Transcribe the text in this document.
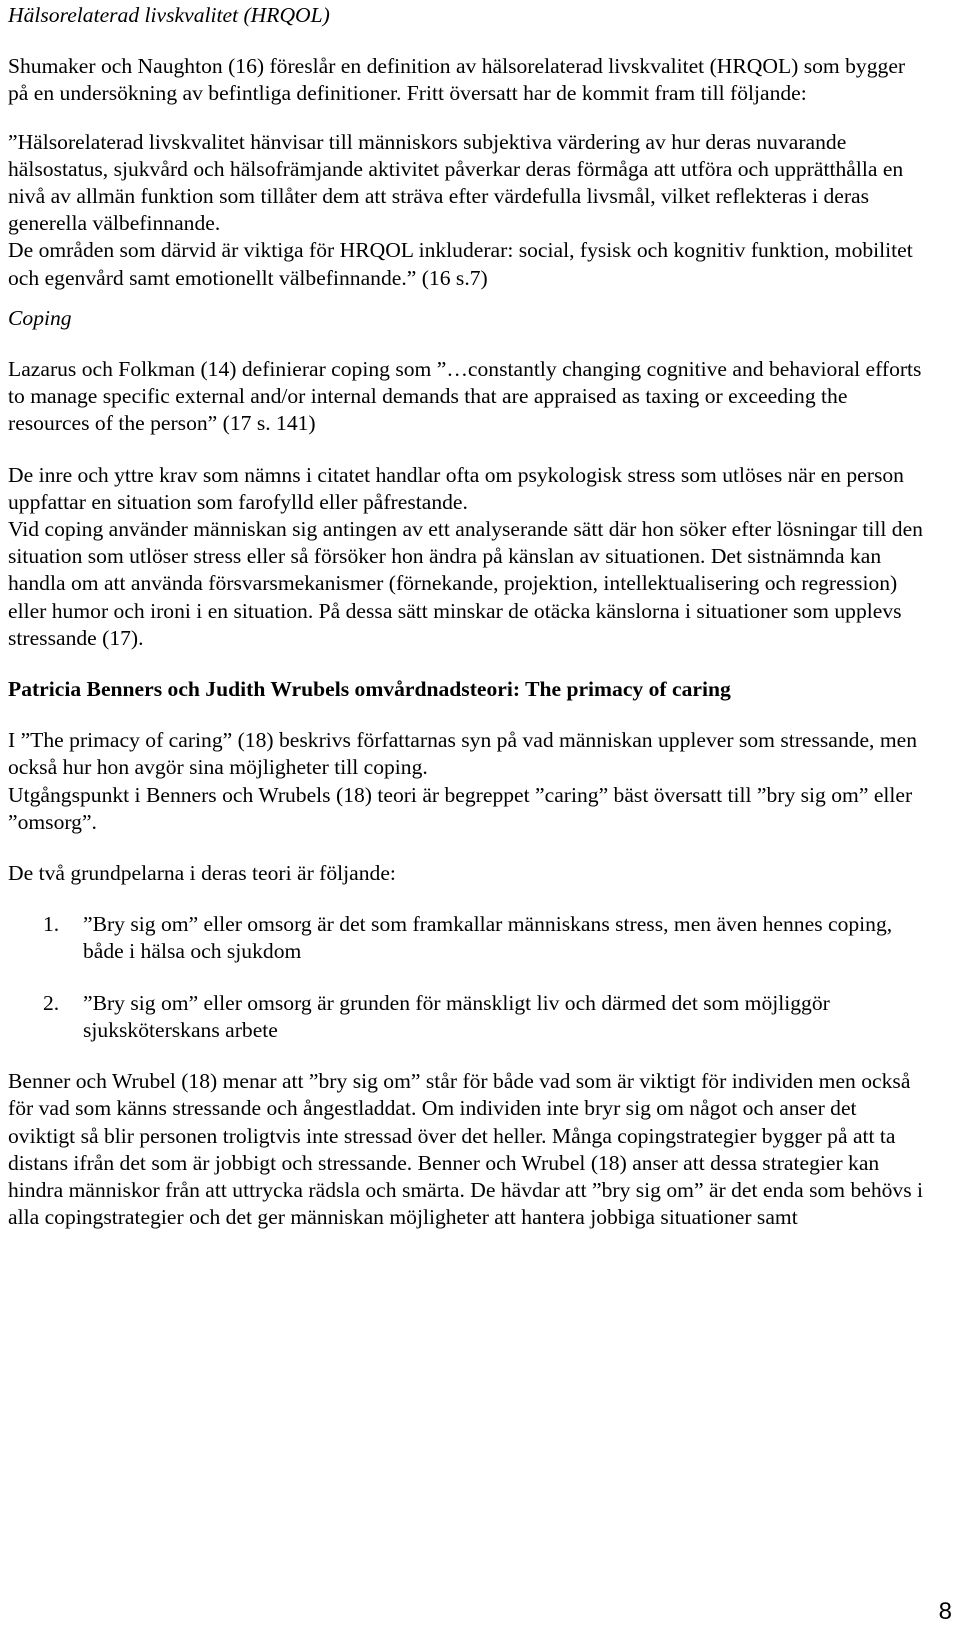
Hälsorelaterad livskvalitet (HRQOL)

Shumaker och Naughton (16) föreslår en definition av hälsorelaterad livskvalitet (HRQOL) som bygger på en undersökning av befintliga definitioner. Fritt översatt har de kommit fram till följande:

”Hälsorelaterad livskvalitet hänvisar till människors subjektiva värdering av hur deras nuvarande hälsostatus, sjukvård och hälsofrämjande aktivitet påverkar deras förmåga att utföra och upprätthålla en nivå av allmän funktion som tillåter dem att sträva efter värdefulla livsmål, vilket reflekteras i deras generella välbefinnande.

De områden som därvid är viktiga för HRQOL inkluderar: social, fysisk och kognitiv funktion, mobilitet och egenvård samt emotionellt välbefinnande.” (16 s.7)

Coping

Lazarus och Folkman (14) definierar coping som ”…constantly changing cognitive and behavioral efforts to manage specific external and/or internal demands that are appraised as taxing or exceeding the resources of the person” (17 s. 141)

De inre och yttre krav som nämns i citatet handlar ofta om psykologisk stress som utlöses när en person uppfattar en situation som farofylld eller påfrestande.

Vid coping använder människan sig antingen av ett analyserande sätt där hon söker efter lösningar till den situation som utlöser stress eller så försöker hon ändra på känslan av situationen. Det sistnämnda kan handla om att använda försvarsmekanismer (förnekande, projektion, intellektualisering och regression) eller humor och ironi i en situation. På dessa sätt minskar de otäcka känslorna i situationer som upplevs stressande (17).

Patricia Benners och Judith Wrubels omvårdnadsteori: The primacy of caring

I ”The primacy of caring” (18) beskrivs författarnas syn på vad människan upplever som stressande, men också hur hon avgör sina möjligheter till coping.

Utgångspunkt i Benners och Wrubels (18) teori är begreppet ”caring” bäst översatt till ”bry sig om” eller ”omsorg”.

De två grundpelarna i deras teori är följande:

1. ”Bry sig om” eller omsorg är det som framkallar människans stress, men även hennes coping, både i hälsa och sjukdom
2. ”Bry sig om” eller omsorg är grunden för mänskligt liv och därmed det som möjliggör sjuksköterskans arbete

Benner och Wrubel (18) menar att ”bry sig om” står för både vad som är viktigt för individen men också för vad som känns stressande och ångestladdat. Om individen inte bryr sig om något och anser det oviktigt så blir personen troligtvis inte stressad över det heller. Många copingstrategier bygger på att ta distans ifrån det som är jobbigt och stressande. Benner och Wrubel (18) anser att dessa strategier kan hindra människor från att uttrycka rädsla och smärta. De hävdar att ”bry sig om” är det enda som behövs i alla copingstrategier och det ger människan möjligheter att hantera jobbiga situationer samt

8
